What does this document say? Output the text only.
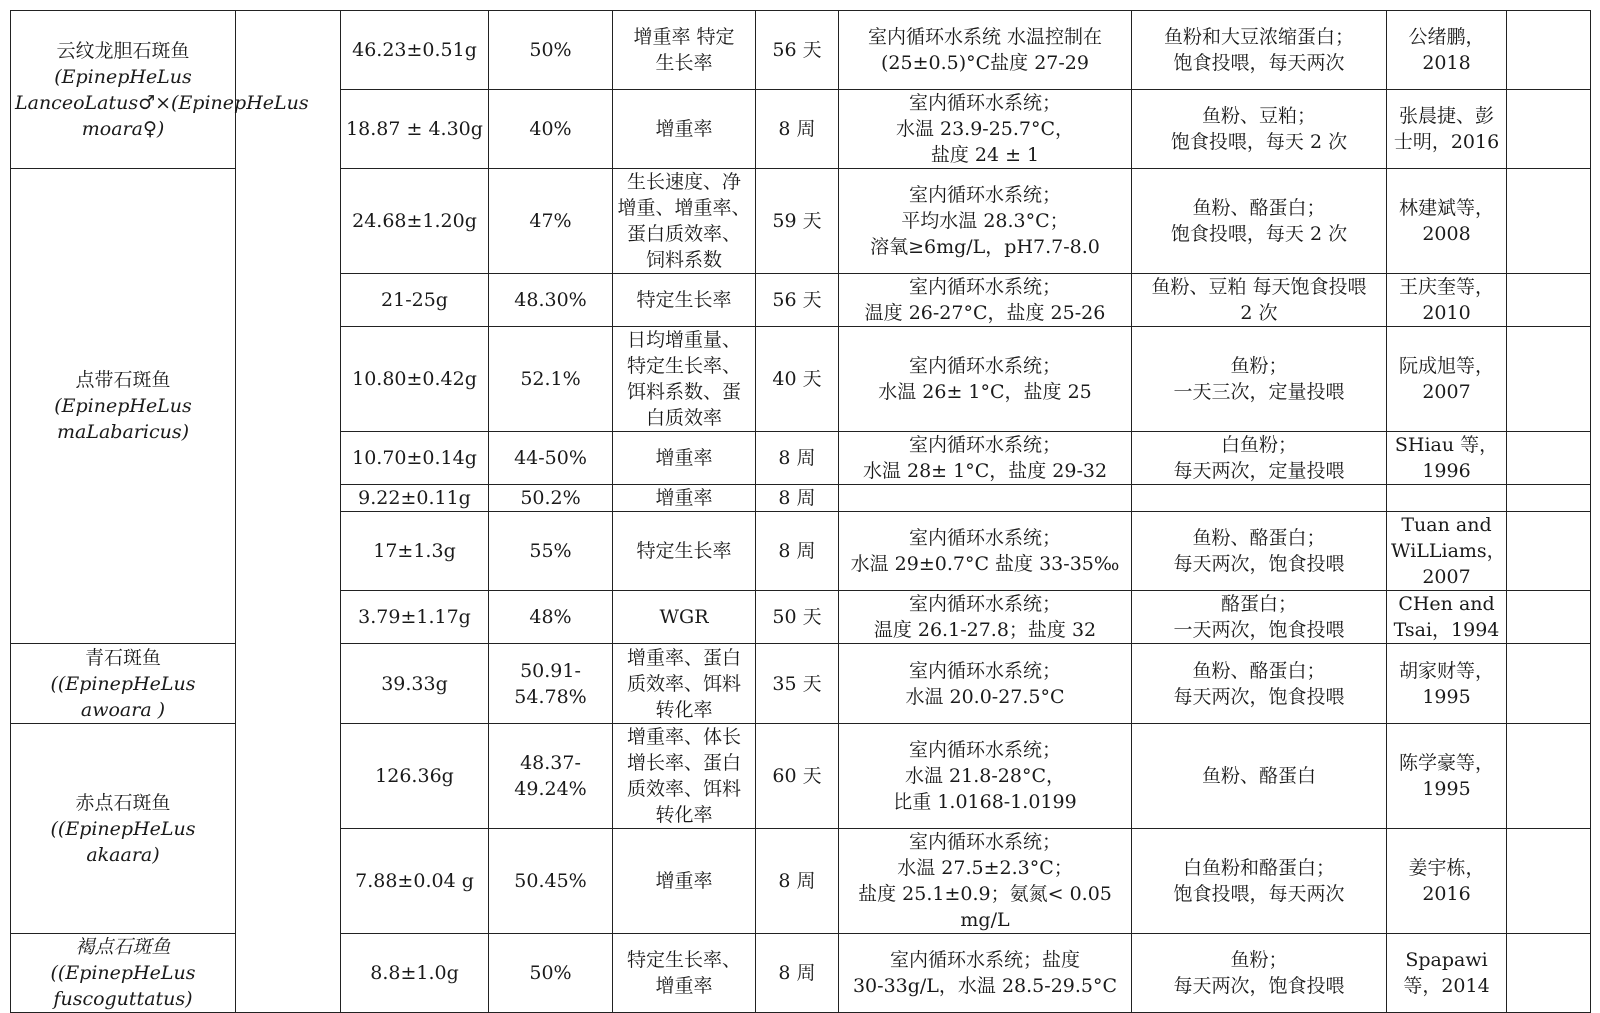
云纹龙胆石斑鱼
(EpinepHeLus LanceoLatus♂×(EpinepHeLus moara♀)		46.23±0.51g	50%	增重率 特定
生长率	56 天	室内循环水系统 水温控制在
(25±0.5)°C盐度 27-29	鱼粉和大豆浓缩蛋白；
饱食投喂，每天两次	公绪鹏，
2018	
		18.87 ± 4.30g	40%	增重率	8 周	室内循环水系统；
水温 23.9-25.7°C，
盐度 24 ± 1	鱼粉、豆粕；
饱食投喂，每天 2 次	张晨捷、彭
士明，2016	

点带石斑鱼
(EpinepHeLus maLabaricus)		24.68±1.20g	47%	生长速度、净
增重、增重率、
蛋白质效率、
饲料系数	59 天	室内循环水系统；
平均水温 28.3°C；
溶氧≥6mg/L，pH7.7-8.0	鱼粉、酪蛋白；
饱食投喂，每天 2 次	林建斌等，
2008	
		21-25g	48.30%	特定生长率	56 天	室内循环水系统；
温度 26-27°C，盐度 25-26	鱼粉、豆粕 每天饱食投喂
2 次	王庆奎等，
2010	
		10.80±0.42g	52.1%	日均增重量、
特定生长率、
饵料系数、蛋
白质效率	40 天	室内循环水系统；
水温 26± 1°C，盐度 25	鱼粉；
一天三次，定量投喂	阮成旭等，
2007	
		10.70±0.14g	44-50%	增重率	8 周	室内循环水系统；
水温 28± 1°C，盐度 29-32	白鱼粉；
每天两次，定量投喂	SHiau 等，
1996	
		9.22±0.11g	50.2%	增重率	8 周				
		17±1.3g	55%	特定生长率	8 周	室内循环水系统；
水温 29±0.7°C 盐度 33-35‰	鱼粉、酪蛋白；
每天两次，饱食投喂	Tuan and
WiLLiams，
2007	
		3.79±1.17g	48%	WGR	50 天	室内循环水系统；
温度 26.1-27.8；盐度 32	酪蛋白；
一天两次，饱食投喂	CHen and
Tsai，1994	

青石斑鱼
((EpinepHeLus awoara )		39.33g	50.91-
54.78%	增重率、蛋白
质效率、饵料
转化率	35 天	室内循环水系统；
水温 20.0-27.5°C	鱼粉、酪蛋白；
每天两次，饱食投喂	胡家财等，
1995	

赤点石斑鱼
((EpinepHeLus akaara)		126.36g	48.37-
49.24%	增重率、体长
增长率、蛋白
质效率、饵料
转化率	60 天	室内循环水系统；
水温 21.8-28°C，
比重 1.0168-1.0199	鱼粉、酪蛋白	陈学豪等，
1995	
		7.88±0.04 g	50.45%	增重率	8 周	室内循环水系统；
水温 27.5±2.3°C；
盐度 25.1±0.9；氨氮< 0.05 mg/L	白鱼粉和酪蛋白；
饱食投喂，每天两次	姜宇栋，
2016	

褐点石斑鱼
((EpinepHeLus fuscoguttatus)		8.8±1.0g	50%	特定生长率、
增重率	8 周	室内循环水系统；盐度
30-33g/L，水温 28.5-29.5°C	鱼粉；
每天两次，饱食投喂	Spapawi
等，2014	
